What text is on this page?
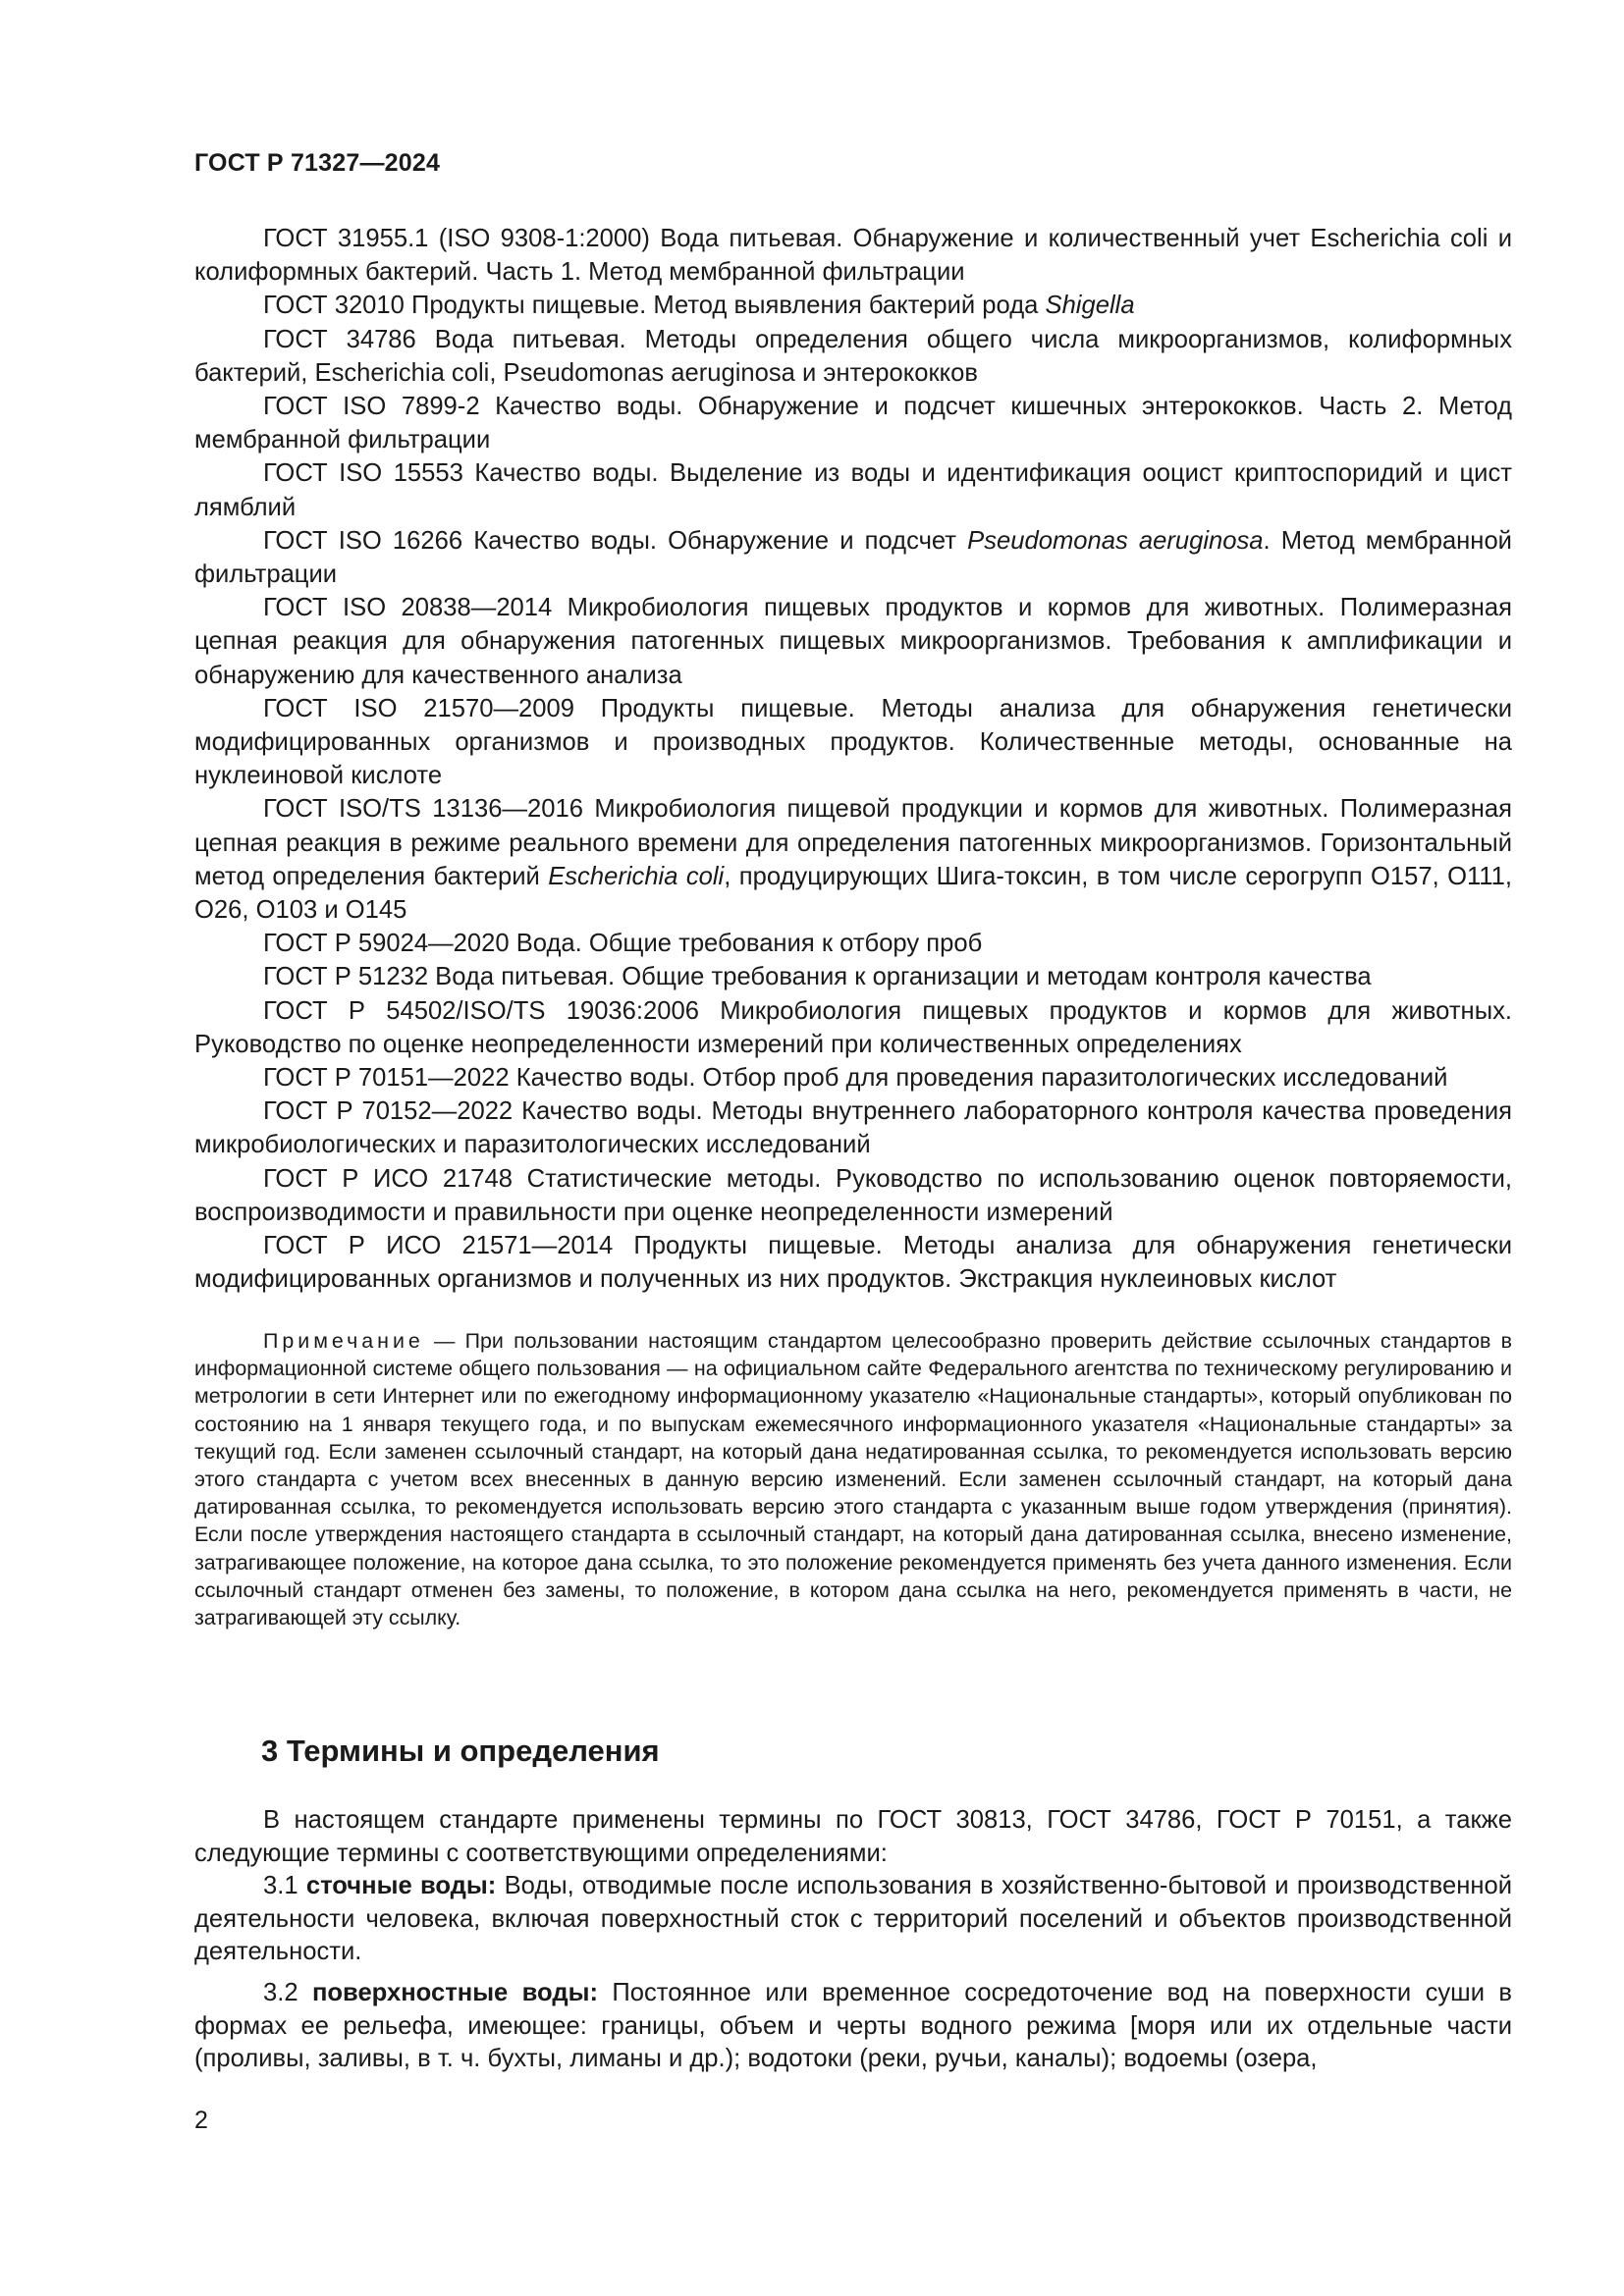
ГОСТ Р 71327—2024

ГОСТ 31955.1 (ISO 9308-1:2000) Вода питьевая. Обнаружение и количественный учет Escherichia coli и колиформных бактерий. Часть 1. Метод мембранной фильтрации

ГОСТ 32010 Продукты пищевые. Метод выявления бактерий рода Shigella

ГОСТ 34786 Вода питьевая. Методы определения общего числа микроорганизмов, колиформных бактерий, Escherichia coli, Pseudomonas aeruginosa и энтерококков

ГОСТ ISO 7899-2 Качество воды. Обнаружение и подсчет кишечных энтерококков. Часть 2. Метод мембранной фильтрации

ГОСТ ISO 15553 Качество воды. Выделение из воды и идентификация ооцист криптоспоридий и цист лямблий

ГОСТ ISO 16266 Качество воды. Обнаружение и подсчет Pseudomonas aeruginosa. Метод мембранной фильтрации

ГОСТ ISO 20838—2014 Микробиология пищевых продуктов и кормов для животных. Полимеразная цепная реакция для обнаружения патогенных пищевых микроорганизмов. Требования к амплификации и обнаружению для качественного анализа

ГОСТ ISO 21570—2009 Продукты пищевые. Методы анализа для обнаружения генетически модифицированных организмов и производных продуктов. Количественные методы, основанные на нуклеиновой кислоте

ГОСТ ISO/TS 13136—2016 Микробиология пищевой продукции и кормов для животных. Полимеразная цепная реакция в режиме реального времени для определения патогенных микроорганизмов. Горизонтальный метод определения бактерий Escherichia coli, продуцирующих Шига-токсин, в том числе серогрупп O157, O111, O26, O103 и O145

ГОСТ Р 59024—2020 Вода. Общие требования к отбору проб

ГОСТ Р 51232 Вода питьевая. Общие требования к организации и методам контроля качества

ГОСТ Р 54502/ISO/TS 19036:2006 Микробиология пищевых продуктов и кормов для животных. Руководство по оценке неопределенности измерений при количественных определениях

ГОСТ Р 70151—2022 Качество воды. Отбор проб для проведения паразитологических исследований

ГОСТ Р 70152—2022 Качество воды. Методы внутреннего лабораторного контроля качества проведения микробиологических и паразитологических исследований

ГОСТ Р ИСО 21748 Статистические методы. Руководство по использованию оценок повторяемости, воспроизводимости и правильности при оценке неопределенности измерений

ГОСТ Р ИСО 21571—2014 Продукты пищевые. Методы анализа для обнаружения генетически модифицированных организмов и полученных из них продуктов. Экстракция нуклеиновых кислот

Примечание — При пользовании настоящим стандартом целесообразно проверить действие ссылочных стандартов в информационной системе общего пользования — на официальном сайте Федерального агентства по техническому регулированию и метрологии в сети Интернет или по ежегодному информационному указателю «Национальные стандарты», который опубликован по состоянию на 1 января текущего года, и по выпускам ежемесячного информационного указателя «Национальные стандарты» за текущий год. Если заменен ссылочный стандарт, на который дана недатированная ссылка, то рекомендуется использовать версию этого стандарта с учетом всех внесенных в данную версию изменений. Если заменен ссылочный стандарт, на который дана датированная ссылка, то рекомендуется использовать версию этого стандарта с указанным выше годом утверждения (принятия). Если после утверждения настоящего стандарта в ссылочный стандарт, на который дана датированная ссылка, внесено изменение, затрагивающее положение, на которое дана ссылка, то это положение рекомендуется применять без учета данного изменения. Если ссылочный стандарт отменен без замены, то положение, в котором дана ссылка на него, рекомендуется применять в части, не затрагивающей эту ссылку.

3 Термины и определения

В настоящем стандарте применены термины по ГОСТ 30813, ГОСТ 34786, ГОСТ Р 70151, а также следующие термины с соответствующими определениями:

3.1 сточные воды: Воды, отводимые после использования в хозяйственно-бытовой и производственной деятельности человека, включая поверхностный сток с территорий поселений и объектов производственной деятельности.

3.2 поверхностные воды: Постоянное или временное сосредоточение вод на поверхности суши в формах ее рельефа, имеющее: границы, объем и черты водного режима [моря или их отдельные части (проливы, заливы, в т. ч. бухты, лиманы и др.); водотоки (реки, ручьи, каналы); водоемы (озера,

2
